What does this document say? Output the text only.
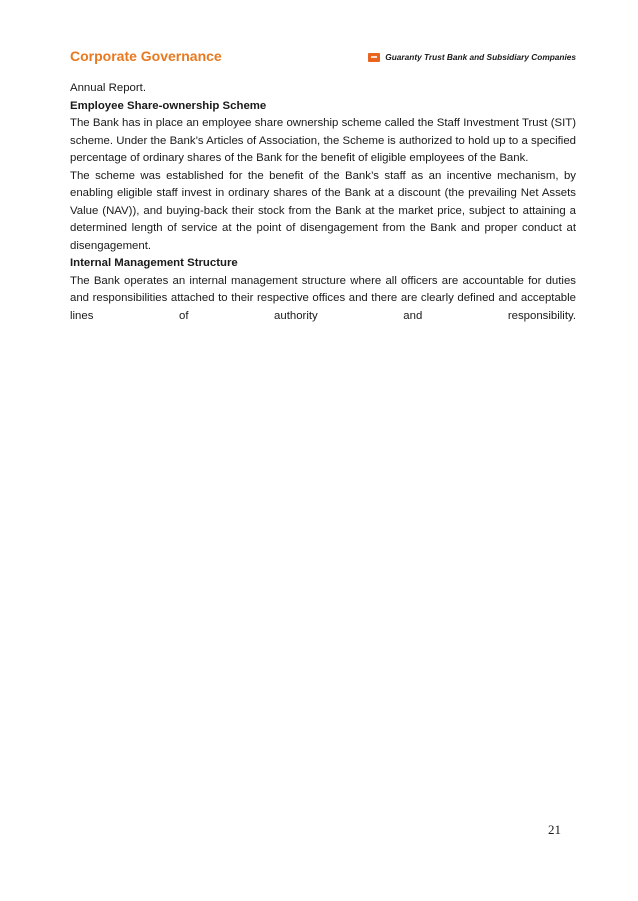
Corporate Governance	Guaranty Trust Bank and Subsidiary Companies

Annual Report.

Employee Share-ownership Scheme

The Bank has in place an employee share ownership scheme called the Staff Investment Trust (SIT) scheme. Under the Bank’s Articles of Association, the Scheme is authorized to hold up to a specified percentage of ordinary shares of the Bank for the benefit of eligible employees of the Bank.

The scheme was established for the benefit of the Bank’s staff as an incentive mechanism, by enabling eligible staff invest in ordinary shares of the Bank at a discount (the prevailing Net Assets Value (NAV)), and buying-back their stock from the Bank at the market price, subject to attaining a determined length of service at the point of disengagement from the Bank and proper conduct at disengagement.

Internal Management Structure

The Bank operates an internal management structure where all officers are accountable for duties and responsibilities attached to their respective offices and there are clearly defined and acceptable lines of authority and responsibility.

21
